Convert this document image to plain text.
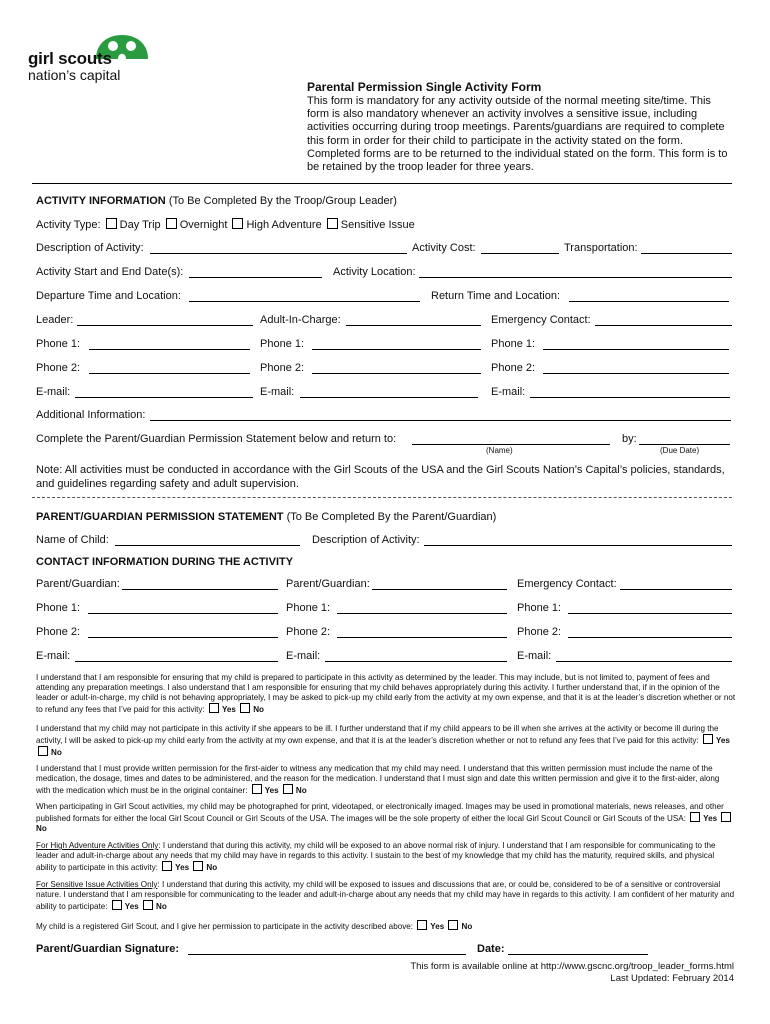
girl scouts
nation’s capital
Parental Permission Single Activity Form
This form is mandatory for any activity outside of the normal meeting site/time. This form is also mandatory whenever an activity involves a sensitive issue, including activities occurring during troop meetings. Parents/guardians are required to complete this form in order for their child to participate in the activity stated on the form. Completed forms are to be returned to the individual stated on the form. This form is to be retained by the troop leader for three years.
ACTIVITY INFORMATION (To Be Completed By the Troop/Group Leader)
Activity Type: Day Trip Overnight High Adventure Sensitive Issue
Description of Activity:	Activity Cost:	Transportation:
Activity Start and End Date(s):	Activity Location:
Departure Time and Location:	Return Time and Location:
Leader:	Adult-In-Charge:	Emergency Contact:
Phone 1:	Phone 1:	Phone 1:
Phone 2:	Phone 2:	Phone 2:
E-mail:	E-mail:	E-mail:
Additional Information:
Complete the Parent/Guardian Permission Statement below and return to:	by:
(Name)	(Due Date)
Note: All activities must be conducted in accordance with the Girl Scouts of the USA and the Girl Scouts Nation’s Capital’s policies, standards, and guidelines regarding safety and adult supervision.
PARENT/GUARDIAN PERMISSION STATEMENT (To Be Completed By the Parent/Guardian)
Name of Child:	Description of Activity:
CONTACT INFORMATION DURING THE ACTIVITY
Parent/Guardian:	Parent/Guardian:	Emergency Contact:
Phone 1:	Phone 1:	Phone 1:
Phone 2:	Phone 2:	Phone 2:
E-mail:	E-mail:	E-mail:
I understand that I am responsible for ensuring that my child is prepared to participate in this activity as determined by the leader. This may include, but is not limited to, payment of fees and attending any preparation meetings. I also understand that I am responsible for ensuring that my child behaves appropriately during this activity. I further understand that, if in the opinion of the leader or adult-in-charge, my child is not behaving appropriately, I may be asked to pick-up my child early from the activity at my own expense, and that it is at the leader’s discretion whether or not to refund any fees that I’ve paid for this activity: Yes No
I understand that my child may not participate in this activity if she appears to be ill. I further understand that if my child appears to be ill when she arrives at the activity or become ill during the activity, I will be asked to pick-up my child early from the activity at my own expense, and that it is at the leader’s discretion whether or not to refund any fees that I’ve paid for this activity: Yes No
I understand that I must provide written permission for the first-aider to witness any medication that my child may need. I understand that this written permission must include the name of the medication, the dosage, times and dates to be administered, and the reason for the medication. I understand that I must sign and date this written permission and give it to the first-aider, along with the medication which must be in the original container: Yes No
When participating in Girl Scout activities, my child may be photographed for print, videotaped, or electronically imaged. Images may be used in promotional materials, news releases, and other published formats for either the local Girl Scout Council or Girl Scouts of the USA. The images will be the sole property of either the local Girl Scout Council or Girl Scouts of the USA: Yes No
For High Adventure Activities Only: I understand that during this activity, my child will be exposed to an above normal risk of injury. I understand that I am responsible for communicating to the leader and adult-in-charge about any needs that my child may have in regards to this activity. I sustain to the best of my knowledge that my child has the maturity, required skills, and physical ability to participate in this activity: Yes No
For Sensitive Issue Activities Only: I understand that during this activity, my child will be exposed to issues and discussions that are, or could be, considered to be of a sensitive or controversial nature. I understand that I am responsible for communicating to the leader and adult-in-charge about any needs that my child may have in regards to this activity. I am confident of her maturity and ability to participate: Yes No
My child is a registered Girl Scout, and I give her permission to participate in the activity described above: Yes No
Parent/Guardian Signature:	Date:
This form is available online at http://www.gscnc.org/troop_leader_forms.html
Last Updated: February 2014
